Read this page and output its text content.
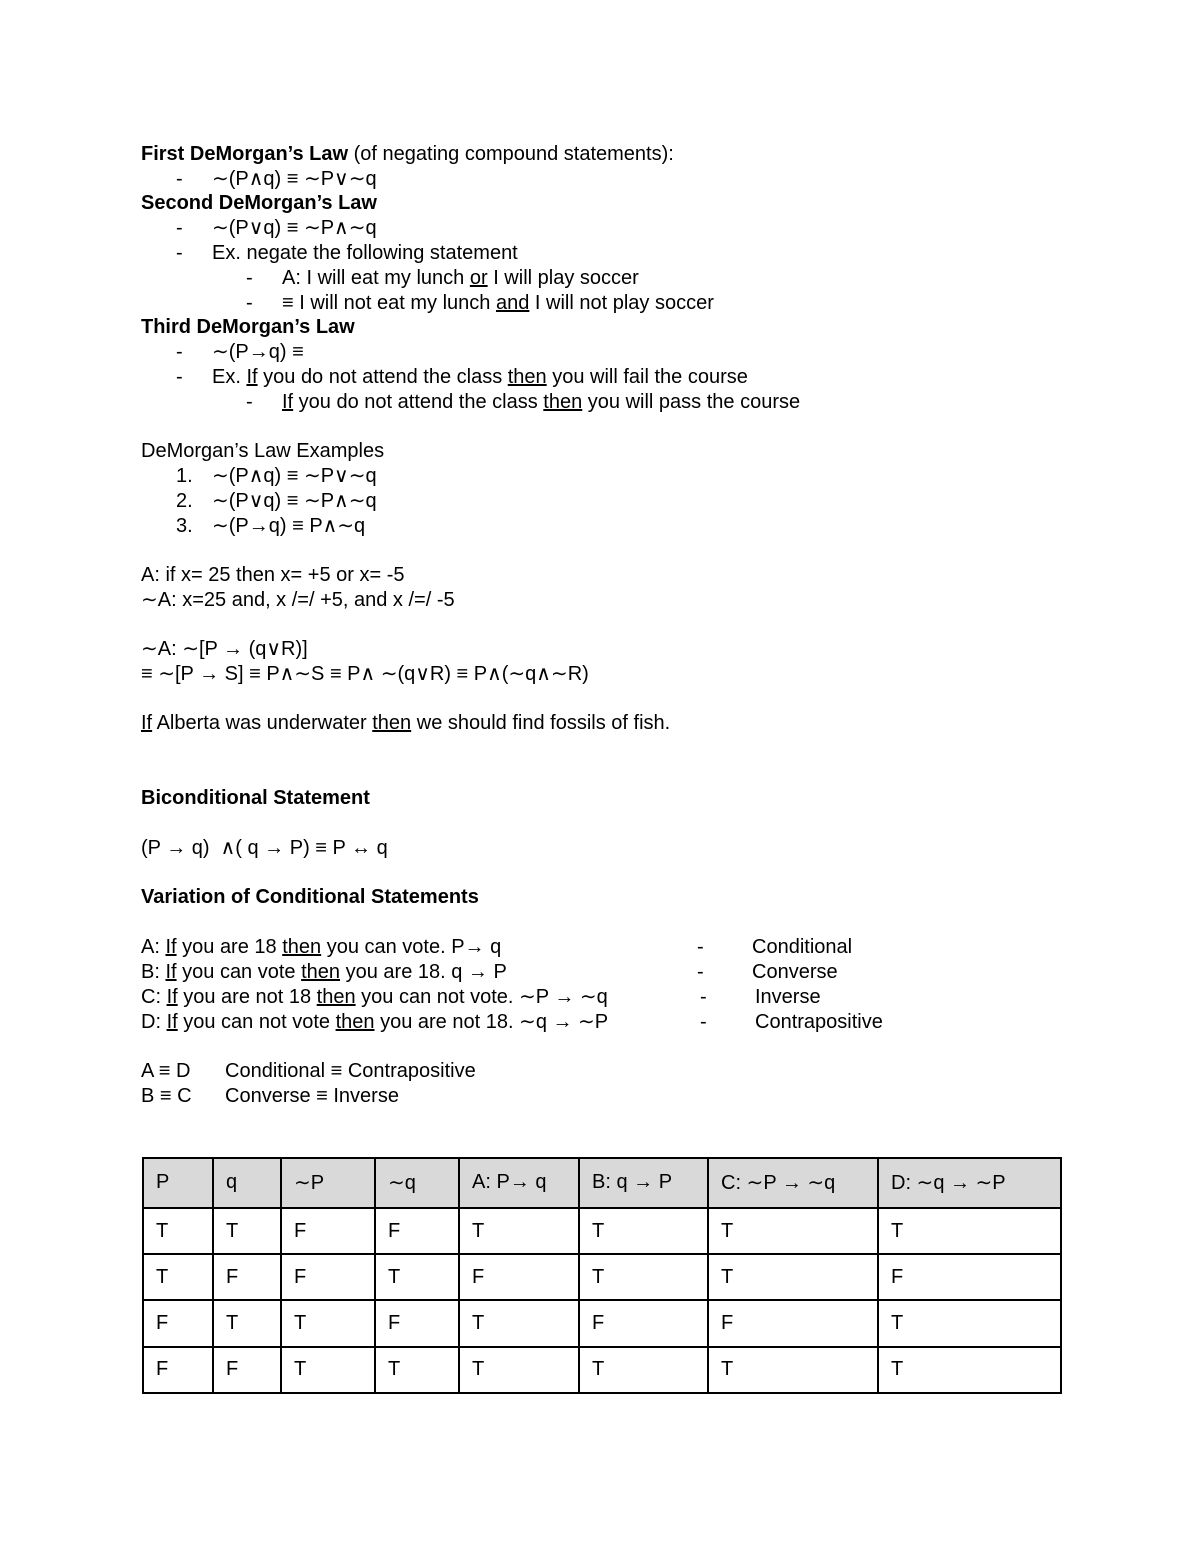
First DeMorgan’s Law (of negating compound statements):
- ∼(P∧q) ≡ ∼P∨∼q
Second DeMorgan’s Law
- ∼(P∨q) ≡ ∼P∧∼q
- Ex. negate the following statement
- A: I will eat my lunch or I will play soccer
- ≡ I will not eat my lunch and I will not play soccer
Third DeMorgan’s Law
- ∼(P→q) ≡
- Ex. If you do not attend the class then you will fail the course
- If you do not attend the class then you will pass the course
DeMorgan’s Law Examples
1. ∼(P∧q) ≡ ∼P∨∼q
2. ∼(P∨q) ≡ ∼P∧∼q
3. ∼(P→q) ≡ P∧∼q
A: if x= 25 then x= +5 or x= -5
∼A: x=25 and, x /=/ +5, and x /=/ -5
∼A: ∼[P → (q∨R)]
≡ ∼[P → S] ≡ P∧∼S ≡ P∧ ∼(q∨R) ≡ P∧(∼q∧∼R)
If Alberta was underwater then we should find fossils of fish.
Biconditional Statement
(P → q)  ∧( q → P) ≡ P ↔ q
Variation of Conditional Statements
A: If you are 18 then you can vote. P→ q	- Conditional
B: If you can vote then you are 18. q → P	- Converse
C: If you are not 18 then you can not vote. ∼P → ∼q	- Inverse
D: If you can not vote then you are not 18. ∼q → ∼P	- Contrapositive
A ≡ D Conditional ≡ Contrapositive
B ≡ C Converse ≡ Inverse
P	q	∼P	∼q	A: P→ q	B: q → P	C: ∼P → ∼q	D: ∼q → ∼P
T	T	F	F	T	T	T	T
T	F	F	T	F	T	T	F
F	T	T	F	T	F	F	T
F	F	T	T	T	T	T	T
